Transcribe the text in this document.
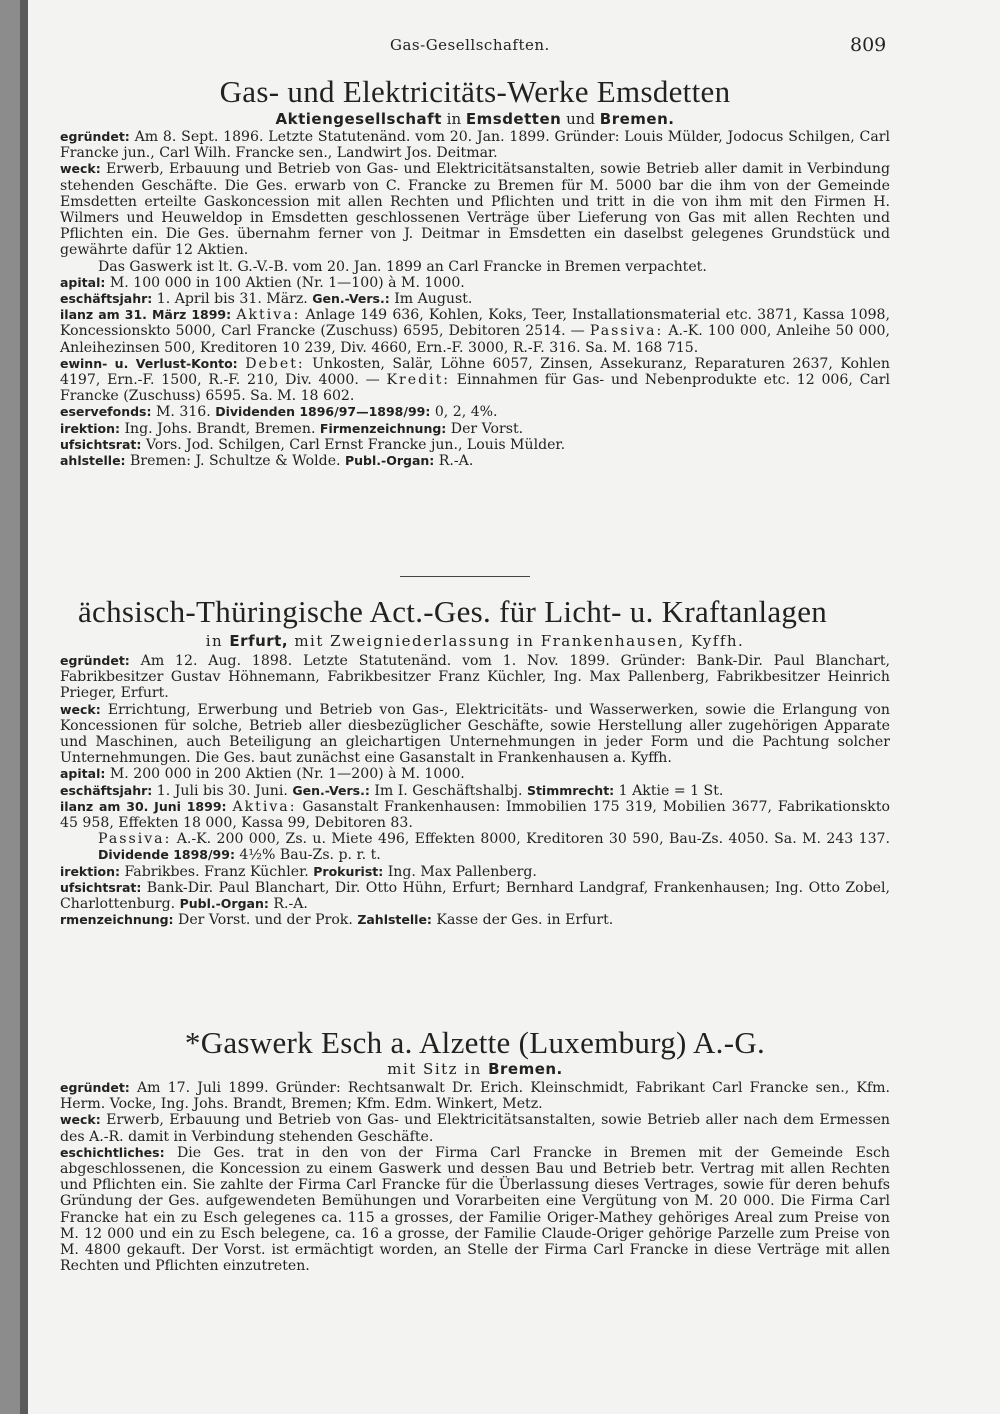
Gas-Gesellschaften.	809
Gas- und Elektricitäts-Werke Emsdetten
Aktiengesellschaft in Emsdetten und Bremen.

egründet: Am 8. Sept. 1896. Letzte Statutenänd. vom 20. Jan. 1899. Gründer: Louis Mülder, Jodocus Schilgen, Carl Francke jun., Carl Wilh. Francke sen., Landwirt Jos. Deitmar.

weck: Erwerb, Erbauung und Betrieb von Gas- und Elektricitätsanstalten, sowie Betrieb aller damit in Verbindung stehenden Geschäfte. Die Ges. erwarb von C. Francke zu Bremen für M. 5000 bar die ihm von der Gemeinde Emsdetten erteilte Gaskoncession mit allen Rechten und Pflichten und tritt in die von ihm mit den Firmen H. Wilmers und Heuweldop in Emsdetten geschlossenen Verträge über Lieferung von Gas mit allen Rechten und Pflichten ein. Die Ges. übernahm ferner von J. Deitmar in Emsdetten ein daselbst gelegenes Grundstück und gewährte dafür 12 Aktien.

Das Gaswerk ist lt. G.-V.-B. vom 20. Jan. 1899 an Carl Francke in Bremen verpachtet.

apital: M. 100 000 in 100 Aktien (Nr. 1—100) à M. 1000.

eschäftsjahr: 1. April bis 31. März. Gen.-Vers.: Im August.

ilanz am 31. März 1899: Aktiva: Anlage 149 636, Kohlen, Koks, Teer, Installationsmaterial etc. 3871, Kassa 1098, Koncessionskto 5000, Carl Francke (Zuschuss) 6595, Debitoren 2514. — Passiva: A.-K. 100 000, Anleihe 50 000, Anleihezinsen 500, Kreditoren 10 239, Div. 4660, Ern.-F. 3000, R.-F. 316. Sa. M. 168 715.

ewinn- u. Verlust-Konto: Debet: Unkosten, Salär, Löhne 6057, Zinsen, Assekuranz, Reparaturen 2637, Kohlen 4197, Ern.-F. 1500, R.-F. 210, Div. 4000. — Kredit: Einnahmen für Gas- und Nebenprodukte etc. 12 006, Carl Francke (Zuschuss) 6595. Sa. M. 18 602.

eservefonds: M. 316. Dividenden 1896/97—1898/99: 0, 2, 4%.

irektion: Ing. Johs. Brandt, Bremen. Firmenzeichnung: Der Vorst.

ufsichtsrat: Vors. Jod. Schilgen, Carl Ernst Francke jun., Louis Mülder.

ahlstelle: Bremen: J. Schultze & Wolde. Publ.-Organ: R.-A.

ächsisch-Thüringische Act.-Ges. für Licht- u. Kraftanlagen
in Erfurt, mit Zweigniederlassung in Frankenhausen, Kyffh.

egründet: Am 12. Aug. 1898. Letzte Statutenänd. vom 1. Nov. 1899. Gründer: Bank-Dir. Paul Blanchart, Fabrikbesitzer Gustav Höhnemann, Fabrikbesitzer Franz Küchler, Ing. Max Pallenberg, Fabrikbesitzer Heinrich Prieger, Erfurt.

weck: Errichtung, Erwerbung und Betrieb von Gas-, Elektricitäts- und Wasserwerken, sowie die Erlangung von Koncessionen für solche, Betrieb aller diesbezüglicher Geschäfte, sowie Herstellung aller zugehörigen Apparate und Maschinen, auch Beteiligung an gleichartigen Unternehmungen in jeder Form und die Pachtung solcher Unternehmungen. Die Ges. baut zunächst eine Gasanstalt in Frankenhausen a. Kyffh.

apital: M. 200 000 in 200 Aktien (Nr. 1—200) à M. 1000.

eschäftsjahr: 1. Juli bis 30. Juni. Gen.-Vers.: Im I. Geschäftshalbj. Stimmrecht: 1 Aktie = 1 St.

ilanz am 30. Juni 1899: Aktiva: Gasanstalt Frankenhausen: Immobilien 175 319, Mobilien 3677, Fabrikationskto 45 958, Effekten 18 000, Kassa 99, Debitoren 83.

Passiva: A.-K. 200 000, Zs. u. Miete 496, Effekten 8000, Kreditoren 30 590, Bau-Zs. 4050. Sa. M. 243 137. Dividende 1898/99: 4½% Bau-Zs. p. r. t.

irektion: Fabrikbes. Franz Küchler. Prokurist: Ing. Max Pallenberg.

ufsichtsrat: Bank-Dir. Paul Blanchart, Dir. Otto Hühn, Erfurt; Bernhard Landgraf, Frankenhausen; Ing. Otto Zobel, Charlottenburg. Publ.-Organ: R.-A.

rmenzeichnung: Der Vorst. und der Prok. Zahlstelle: Kasse der Ges. in Erfurt.

*Gaswerk Esch a. Alzette (Luxemburg) A.-G.
mit Sitz in Bremen.

egründet: Am 17. Juli 1899. Gründer: Rechtsanwalt Dr. Erich. Kleinschmidt, Fabrikant Carl Francke sen., Kfm. Herm. Vocke, Ing. Johs. Brandt, Bremen; Kfm. Edm. Winkert, Metz.

weck: Erwerb, Erbauung und Betrieb von Gas- und Elektricitätsanstalten, sowie Betrieb aller nach dem Ermessen des A.-R. damit in Verbindung stehenden Geschäfte.

eschichtliches: Die Ges. trat in den von der Firma Carl Francke in Bremen mit der Gemeinde Esch abgeschlossenen, die Koncession zu einem Gaswerk und dessen Bau und Betrieb betr. Vertrag mit allen Rechten und Pflichten ein. Sie zahlte der Firma Carl Francke für die Überlassung dieses Vertrages, sowie für deren behufs Gründung der Ges. aufgewendeten Bemühungen und Vorarbeiten eine Vergütung von M. 20 000. Die Firma Carl Francke hat ein zu Esch gelegenes ca. 115 a grosses, der Familie Origer-Mathey gehöriges Areal zum Preise von M. 12 000 und ein zu Esch belegene, ca. 16 a grosse, der Familie Claude-Origer gehörige Parzelle zum Preise von M. 4800 gekauft. Der Vorst. ist ermächtigt worden, an Stelle der Firma Carl Francke in diese Verträge mit allen Rechten und Pflichten einzutreten.
